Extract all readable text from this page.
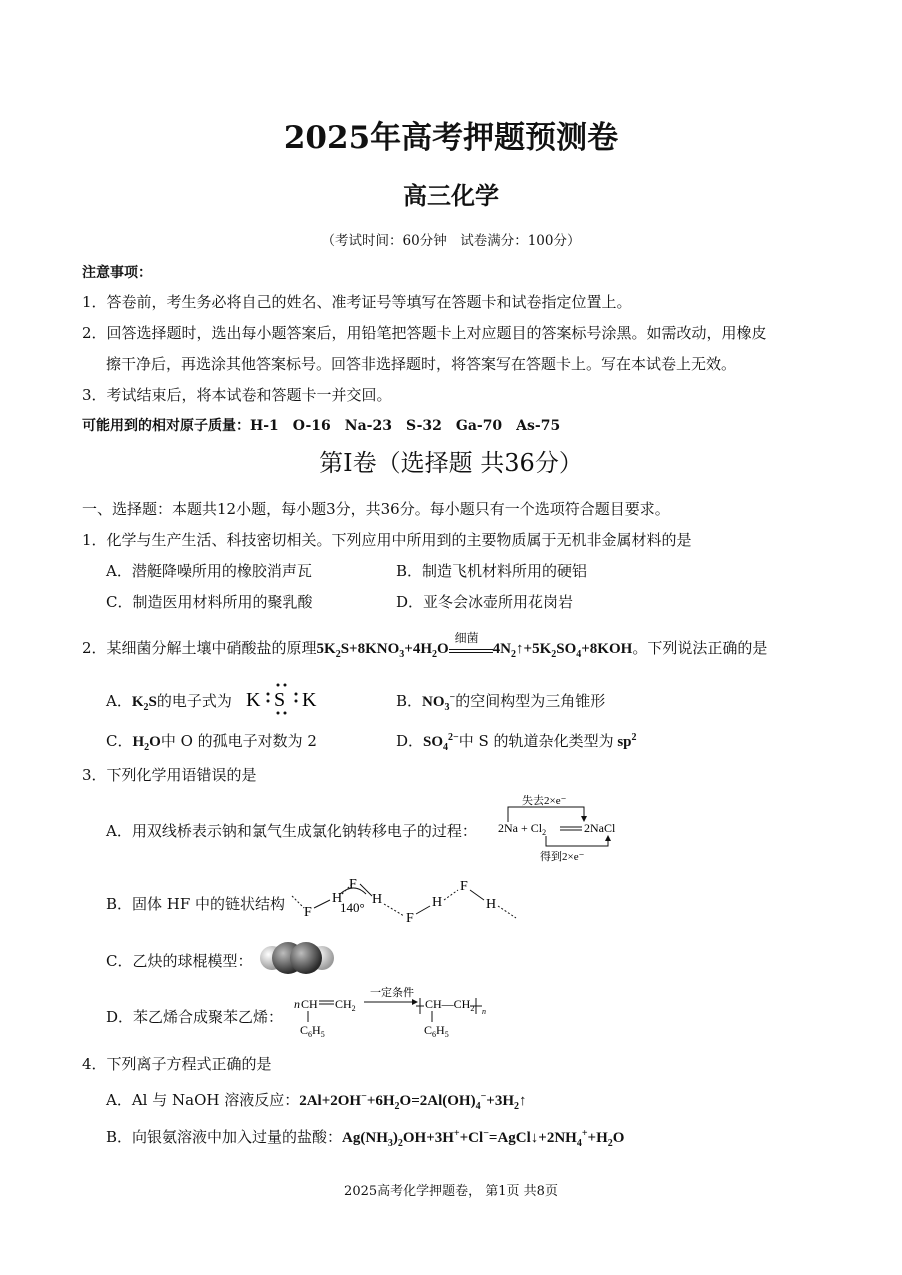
2025年高考押题预测卷
高三化学
（考试时间：60分钟　试卷满分：100分）
注意事项：
1．答卷前，考生务必将自己的姓名、准考证号等填写在答题卡和试卷指定位置上。
2．回答选择题时，选出每小题答案后，用铅笔把答题卡上对应题目的答案标号涂黑。如需改动，用橡皮
擦干净后，再选涂其他答案标号。回答非选择题时，将答案写在答题卡上。写在本试卷上无效。
3．考试结束后，将本试卷和答题卡一并交回。
可能用到的相对原子质量：H-1　O-16　Na-23　S-32　Ga-70　As-75
第Ⅰ卷（选择题 共36分）
一、选择题：本题共12小题，每小题3分，共36分。每小题只有一个选项符合题目要求。
1．化学与生产生活、科技密切相关。下列应用中所用到的主要物质属于无机非金属材料的是
A．潜艇降噪所用的橡胶消声瓦	B．制造飞机材料所用的硬铝
C．制造医用材料所用的聚乳酸	D．亚冬会冰壶所用花岗岩
2．某细菌分解土壤中硝酸盐的原理$5K_2S+8KNO_3+4H_2O$
细菌
$4N_2↑+5K_2SO_4+8KOH$。下列说法正确的是
A．$K_2S$的电子式为 K S K	B．$NO_3^-$的空间构型为三角锥形
C．$H_2O$中 O 的孤电子对数为 2	D．$SO_4^{2-}$中 S 的轨道杂化类型为 $sp^2$
3．下列化学用语错误的是
A．用双线桥表示钠和氯气生成氯化钠转移电子的过程：
失去2×e⁻
$2Na + Cl_2$	2NaCl
得到2×e⁻
B．固体 HF 中的链状结构 F
H
F
H
140°
F
H
F
H
C．乙炔的球棍模型：
D．苯乙烯合成聚苯乙烯：
n CH $CH_2$
$C_6H_5$
一定条件
$CH—CH_2$ n
$C_6H_5$
4．下列离子方程式正确的是
A．Al 与 NaOH 溶液反应：$2Al+2OH^-+6H_2O=2Al(OH)_4^-+3H_2↑$
B．向银氨溶液中加入过量的盐酸：$Ag(NH_3)_2OH+3H^++Cl^-=AgCl↓+2NH_4^++H_2O$
2025高考化学押题卷， 第1页 共8页
